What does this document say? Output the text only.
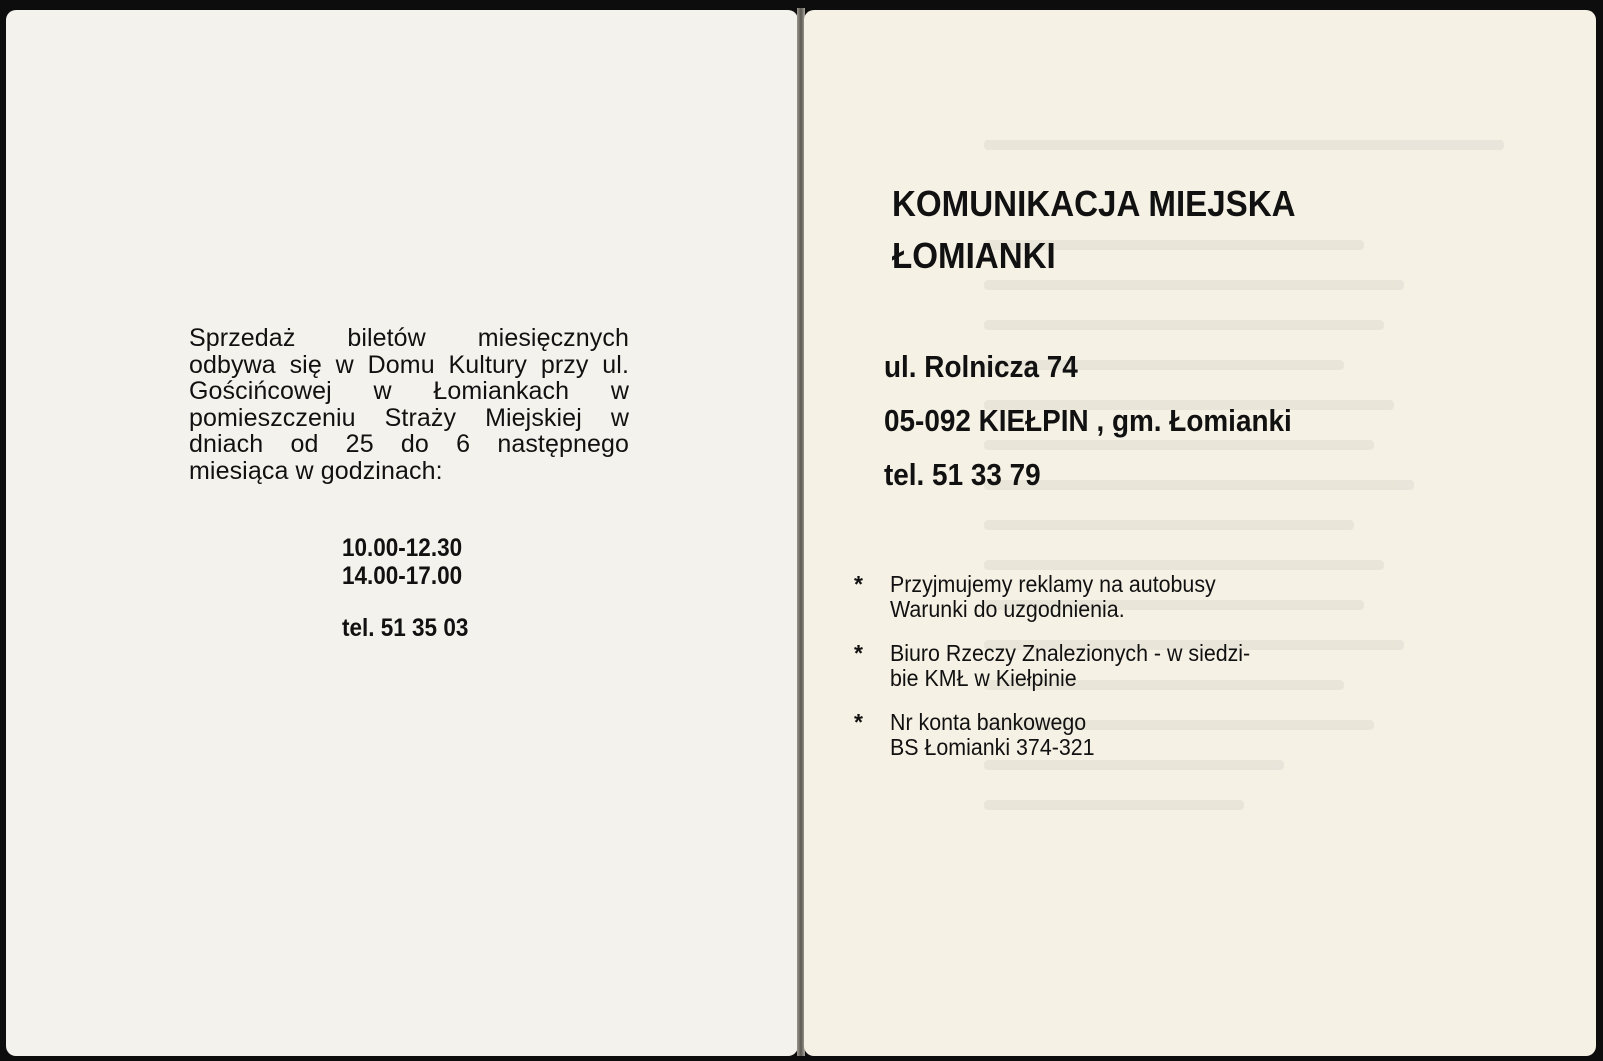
Sprzedaż biletów miesięcznych odbywa się w Domu Kultury przy ul. Gościńcowej w Łomiankach w pomieszczeniu Straży Miejskiej w dniach od 25 do 6 następnego miesiąca w godzinach:
10.00-12.30
14.00-17.00
tel. 51 35 03
KOMUNIKACJA MIEJSKA
ŁOMIANKI
ul. Rolnicza 74
05-092 KIEŁPIN , gm. Łomianki
tel. 51 33 79
* Przyjmujemy reklamy na autobusy
Warunki do uzgodnienia.
* Biuro Rzeczy Znalezionych - w siedzi-
bie KMŁ w Kiełpinie
* Nr konta bankowego
BS Łomianki 374-321
